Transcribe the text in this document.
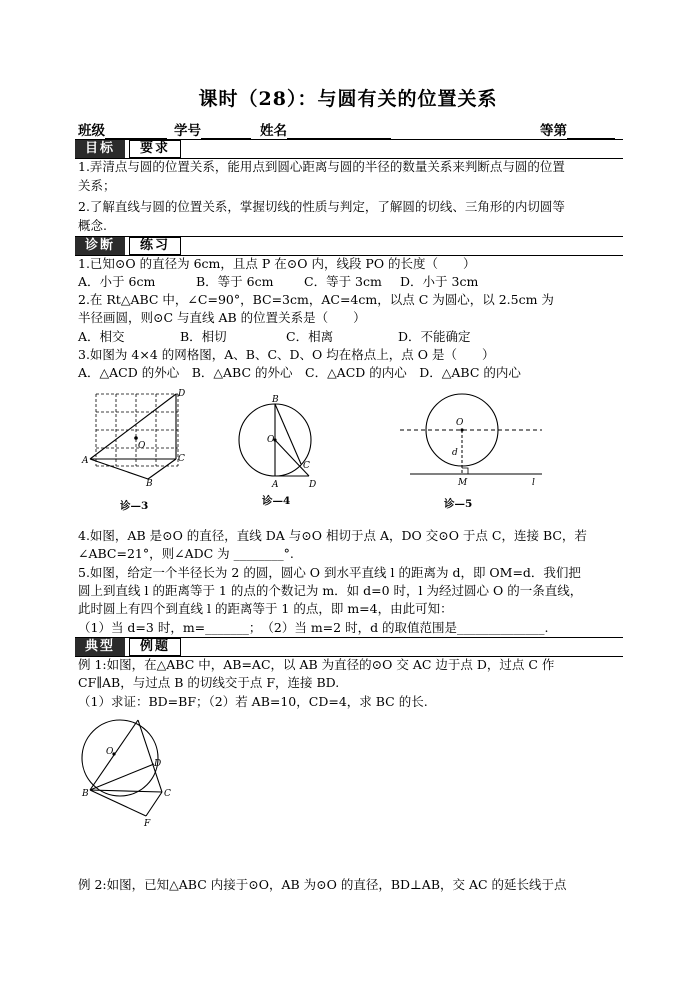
课时（28）：与圆有关的位置关系
班级	学号	姓名	等第
目标	要求
1.弄清点与圆的位置关系，能用点到圆心距离与圆的半径的数量关系来判断点与圆的位置
关系；
2.了解直线与圆的位置关系，掌握切线的性质与判定，了解圆的切线、三角形的内切圆等
概念.
诊断	练习
1.已知⊙O 的直径为 6cm，且点 P 在⊙O 内，线段 PO 的长度（　　）
A．小于 6cm	B．等于 6cm	C．等于 3cm	D．小于 3cm
2.在 Rt△ABC 中，∠C=90°，BC=3cm，AC=4cm，以点 C 为圆心，以 2.5cm 为
半径画圆，则⊙C 与直线 AB 的位置关系是（　　）
A．相交	B．相切	C．相离	D．不能确定
3.如图为 4×4 的网格图，A、B、C、D、O 均在格点上，点 O 是（　　）
A．△ACD 的外心　B．△ABC 的外心　C．△ACD 的内心　D．△ABC 的内心
A
D
C
B
O
诊—3
B
O
C
A	D
诊—4
O
d
M	l
诊—5
4.如图，AB 是⊙O 的直径，直线 DA 与⊙O 相切于点 A，DO 交⊙O 于点 C，连接 BC，若
∠ABC=21°，则∠ADC 为 ________°.
5.如图，给定一个半径长为 2 的圆，圆心 O 到水平直线 l 的距离为 d，即 OM=d．我们把
圆上到直线 l 的距离等于 1 的点的个数记为 m．如 d=0 时，l 为经过圆心 O 的一条直线，
此时圆上有四个到直线 l 的距离等于 1 的点，即 m=4，由此可知：
（1）当 d=3 时，m=_______；　（2）当 m=2 时，d 的取值范围是______________.
典型	例题
例 1:如图，在△ABC 中，AB=AC，以 AB 为直径的⊙O 交 AC 边于点 D，过点 C 作
CF∥AB，与过点 B 的切线交于点 F，连接 BD.
（1）求证：BD=BF；（2）若 AB=10，CD=4，求 BC 的长.
O
D
B	C
F
例 2:如图，已知△ABC 内接于⊙O，AB 为⊙O 的直径，BD⊥AB，交 AC 的延长线于点
